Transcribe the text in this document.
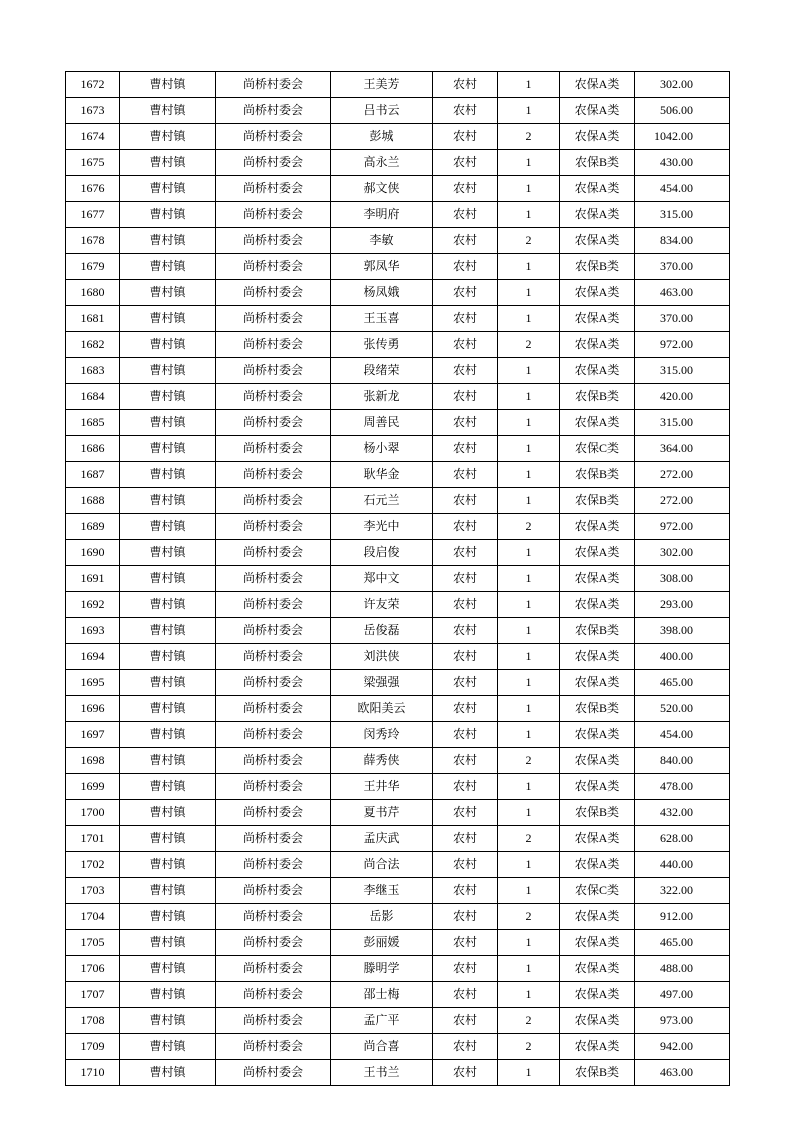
1672	曹村镇	尚桥村委会	王美芳	农村	1	农保A类	302.00
1673	曹村镇	尚桥村委会	吕书云	农村	1	农保A类	506.00
1674	曹村镇	尚桥村委会	彭城	农村	2	农保A类	1042.00
1675	曹村镇	尚桥村委会	高永兰	农村	1	农保B类	430.00
1676	曹村镇	尚桥村委会	郝文侠	农村	1	农保A类	454.00
1677	曹村镇	尚桥村委会	李明府	农村	1	农保A类	315.00
1678	曹村镇	尚桥村委会	李敏	农村	2	农保A类	834.00
1679	曹村镇	尚桥村委会	郭凤华	农村	1	农保B类	370.00
1680	曹村镇	尚桥村委会	杨凤娥	农村	1	农保A类	463.00
1681	曹村镇	尚桥村委会	王玉喜	农村	1	农保A类	370.00
1682	曹村镇	尚桥村委会	张传勇	农村	2	农保A类	972.00
1683	曹村镇	尚桥村委会	段绪荣	农村	1	农保A类	315.00
1684	曹村镇	尚桥村委会	张新龙	农村	1	农保B类	420.00
1685	曹村镇	尚桥村委会	周善民	农村	1	农保A类	315.00
1686	曹村镇	尚桥村委会	杨小翠	农村	1	农保C类	364.00
1687	曹村镇	尚桥村委会	耿华金	农村	1	农保B类	272.00
1688	曹村镇	尚桥村委会	石元兰	农村	1	农保B类	272.00
1689	曹村镇	尚桥村委会	李光中	农村	2	农保A类	972.00
1690	曹村镇	尚桥村委会	段启俊	农村	1	农保A类	302.00
1691	曹村镇	尚桥村委会	郑中文	农村	1	农保A类	308.00
1692	曹村镇	尚桥村委会	许友荣	农村	1	农保A类	293.00
1693	曹村镇	尚桥村委会	岳俊磊	农村	1	农保B类	398.00
1694	曹村镇	尚桥村委会	刘洪侠	农村	1	农保A类	400.00
1695	曹村镇	尚桥村委会	梁强强	农村	1	农保A类	465.00
1696	曹村镇	尚桥村委会	欧阳美云	农村	1	农保B类	520.00
1697	曹村镇	尚桥村委会	闵秀玲	农村	1	农保A类	454.00
1698	曹村镇	尚桥村委会	薛秀侠	农村	2	农保A类	840.00
1699	曹村镇	尚桥村委会	王井华	农村	1	农保A类	478.00
1700	曹村镇	尚桥村委会	夏书芹	农村	1	农保B类	432.00
1701	曹村镇	尚桥村委会	孟庆武	农村	2	农保A类	628.00
1702	曹村镇	尚桥村委会	尚合法	农村	1	农保A类	440.00
1703	曹村镇	尚桥村委会	李继玉	农村	1	农保C类	322.00
1704	曹村镇	尚桥村委会	岳影	农村	2	农保A类	912.00
1705	曹村镇	尚桥村委会	彭丽媛	农村	1	农保A类	465.00
1706	曹村镇	尚桥村委会	滕明学	农村	1	农保A类	488.00
1707	曹村镇	尚桥村委会	邵士梅	农村	1	农保A类	497.00
1708	曹村镇	尚桥村委会	孟广平	农村	2	农保A类	973.00
1709	曹村镇	尚桥村委会	尚合喜	农村	2	农保A类	942.00
1710	曹村镇	尚桥村委会	王书兰	农村	1	农保B类	463.00
